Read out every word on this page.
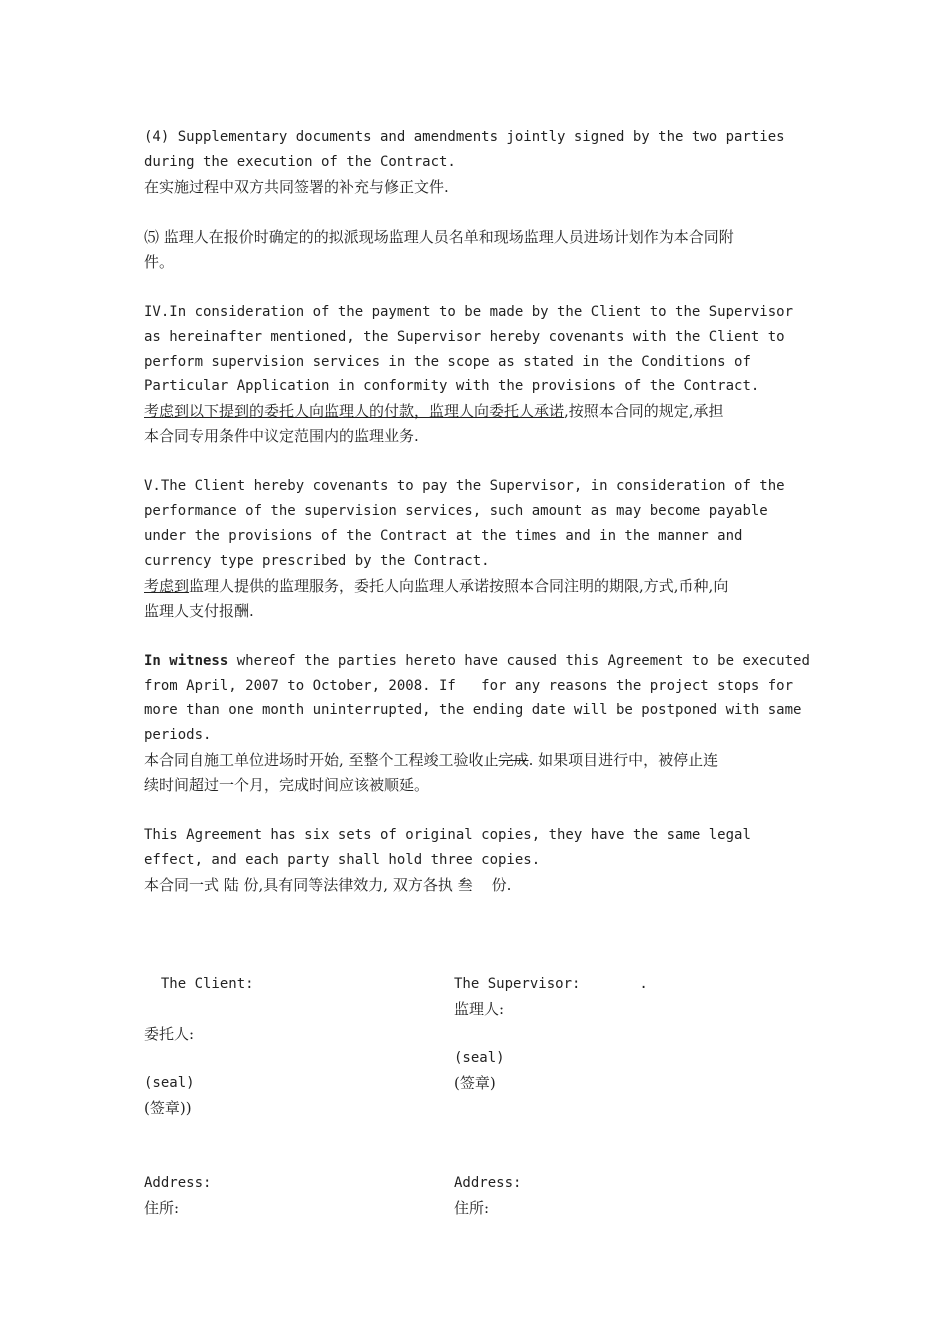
(4) Supplementary documents and amendments jointly signed by the two parties
during the execution of the Contract.
在实施过程中双方共同签署的补充与修正文件.
⑸ 监理人在报价时确定的的拟派现场监理人员名单和现场监理人员进场计划作为本合同附
件。
IV.In consideration of the payment to be made by the Client to the Supervisor
as hereinafter mentioned, the Supervisor hereby covenants with the Client to
perform supervision services in the scope as stated in the Conditions of
Particular Application in conformity with the provisions of the Contract.
考虑到以下提到的委托人向监理人的付款，监理人向委托人承诺,按照本合同的规定,承担
本合同专用条件中议定范围内的监理业务.
V.The Client hereby covenants to pay the Supervisor, in consideration of the
performance of the supervision services, such amount as may become payable
under the provisions of the Contract at the times and in the manner and
currency type prescribed by the Contract.
考虑到监理人提供的监理服务，委托人向监理人承诺按照本合同注明的期限,方式,币种,向
监理人支付报酬.
In witness whereof the parties hereto have caused this Agreement to be executed
from April, 2007 to October, 2008. If   for any reasons the project stops for
more than one month uninterrupted, the ending date will be postponed with same
periods.
本合同自施工单位进场时开始, 至整个工程竣工验收止完成. 如果项目进行中，被停止连
续时间超过一个月，完成时间应该被顺延。
This Agreement has six sets of original copies, they have the same legal
effect, and each party shall hold three copies.
本合同一式 陆 份,具有同等法律效力, 双方各执 叁    份.
The Client:
委托人:
(seal)
(签章))
Address:
住所:
The Supervisor:       .
监理人:
(seal)
(签章)
Address:
住所:
